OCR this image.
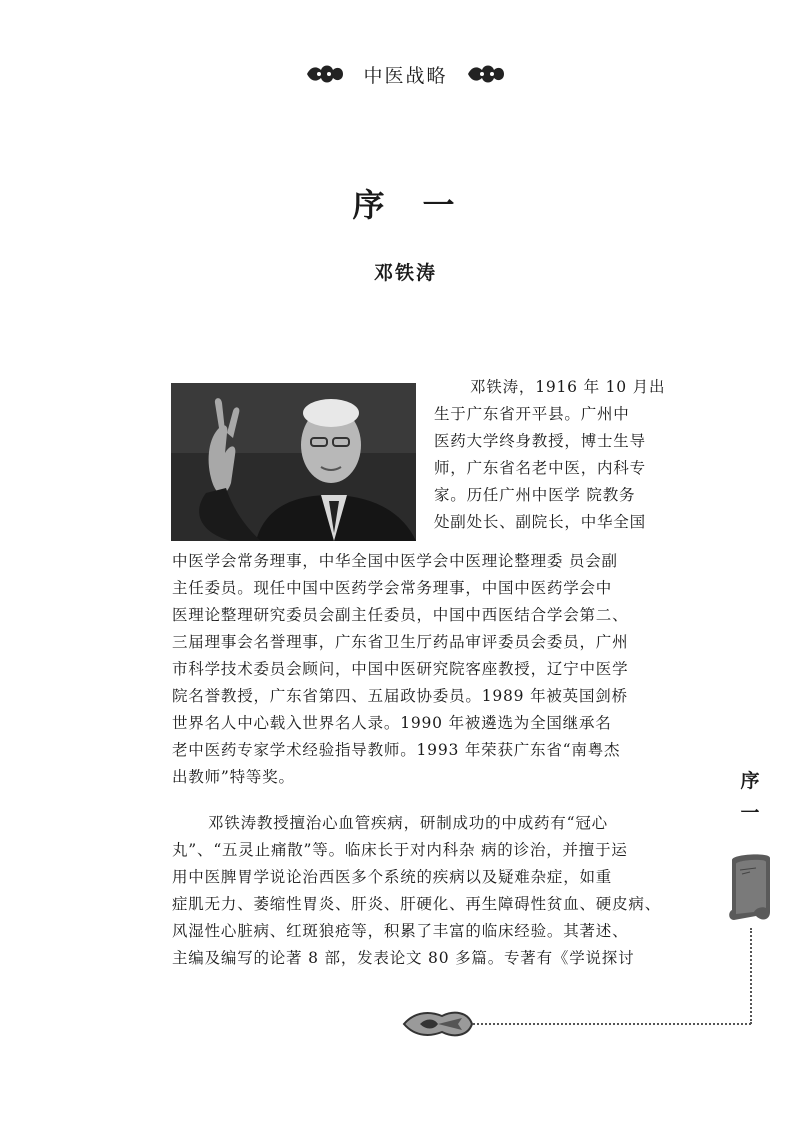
中医战略
序 一
邓铁涛
邓铁涛，1916 年 10 月出
生于广东省开平县。广州中
医药大学终身教授，博士生导
师，广东省名老中医，内科专
家。历任广州中医学 院教务
处副处长、副院长，中华全国
中医学会常务理事，中华全国中医学会中医理论整理委 员会副
主任委员。现任中国中医药学会常务理事，中国中医药学会中
医理论整理研究委员会副主任委员，中国中西医结合学会第二、
三届理事会名誉理事，广东省卫生厅药品审评委员会委员，广州
市科学技术委员会顾问，中国中医研究院客座教授，辽宁中医学
院名誉教授，广东省第四、五届政协委员。1989 年被英国剑桥
世界名人中心载入世界名人录。1990 年被遴选为全国继承名
老中医药专家学术经验指导教师。1993 年荣获广东省“南粤杰
出教师”特等奖。
邓铁涛教授擅治心血管疾病，研制成功的中成药有“冠心
丸”、“五灵止痛散”等。临床长于对内科杂 病的诊治，并擅于运
用中医脾胃学说论治西医多个系统的疾病以及疑难杂症，如重
症肌无力、萎缩性胃炎、肝炎、肝硬化、再生障碍性贫血、硬皮病、
风湿性心脏病、红斑狼疮等，积累了丰富的临床经验。其著述、
主编及编写的论著 8 部，发表论文 80 多篇。专著有《学说探讨
序
一
